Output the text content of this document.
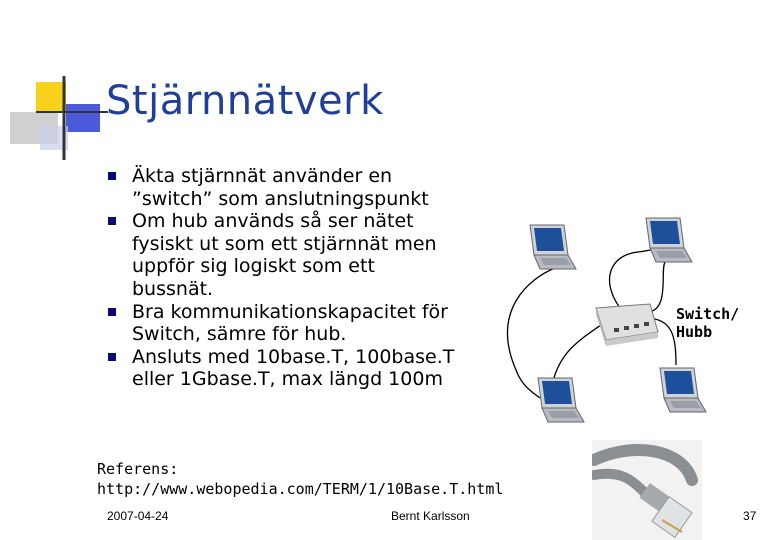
Stjärnnätverk
Äkta stjärnnät använder en
”switch” som anslutningspunkt
Om hub används så ser nätet
fysiskt ut som ett stjärnnät men
uppför sig logiskt som ett
bussnät.
Bra kommunikationskapacitet för
Switch, sämre för hub.
Ansluts med 10base.T, 100base.T
eller 1Gbase.T, max längd 100m
Switch/
Hubb
Referens:
http://www.webopedia.com/TERM/1/10Base.T.html
2007-04-24	Bernt Karlsson	37
